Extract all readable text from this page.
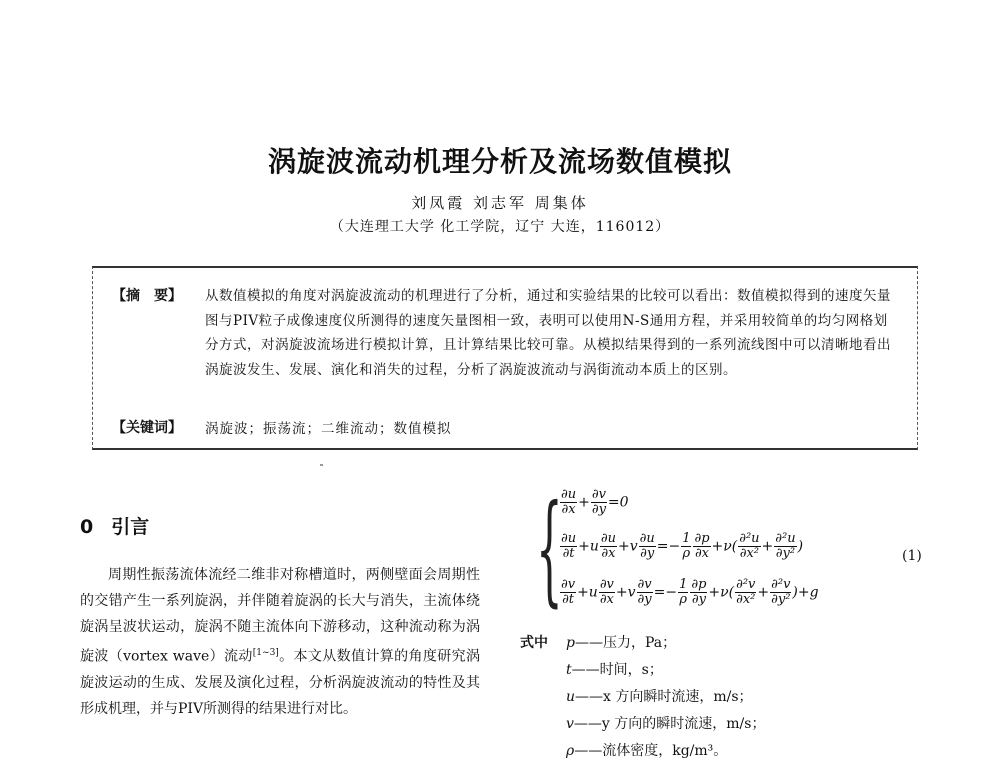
涡旋波流动机理分析及流场数值模拟
刘凤霞 刘志军 周集体
（大连理工大学 化工学院，辽宁 大连，116012）
【摘　要】 从数值模拟的角度对涡旋波流动的机理进行了分析，通过和实验结果的比较可以看出：数值模拟得到的速度矢量图与PIV粒子成像速度仪所测得的速度矢量图相一致，表明可以使用N-S通用方程，并采用较简单的均匀网格划分方式，对涡旋波流场进行模拟计算，且计算结果比较可靠。从模拟结果得到的一系列流线图中可以清晰地看出涡旋波发生、发展、演化和消失的过程，分析了涡旋波流动与涡街流动本质上的区别。
【关键词】 涡旋波；振荡流；二维流动；数值模拟
0 引言
周期性振荡流体流经二维非对称槽道时，两侧壁面会周期性的交错产生一系列旋涡，并伴随着旋涡的长大与消失，主流体绕旋涡呈波状运动，旋涡不随主流体向下游移动，这种流动称为涡旋波（vortex wave）流动[1~3]。本文从数值计算的角度研究涡旋波运动的生成、发展及演化过程，分析涡旋波流动的特性及其形成机理，并与PIV所测得的结果进行对比。
{
$\frac{\partial u}{\partial x} + \frac{\partial v}{\partial y} =0$
$\frac{\partial u}{\partial t} +u \frac{\partial u}{\partial x} +v \frac{\partial u}{\partial y} =- \frac{1}{\rho} \frac{\partial p}{\partial x} +\nu( \frac{\text{∂²u}}{\text{∂x²}} + \frac{\text{∂²u}}{\text{∂y²}}$ )
$\frac{\partial v}{\partial t} +u \frac{\partial v}{\partial x} +v \frac{\partial v}{\partial y} =- \frac{1}{\rho} \frac{\partial p}{\partial y} +\nu( \frac{\text{∂²v}}{\text{∂x²}} + \frac{\text{∂²v}}{\text{∂y²}} )+g$
(1)
式中 p——压力，Pa；
t——时间，s；
u——x 方向瞬时流速，m/s；
v——y 方向的瞬时流速，m/s；
ρ——流体密度，kg/m³。
